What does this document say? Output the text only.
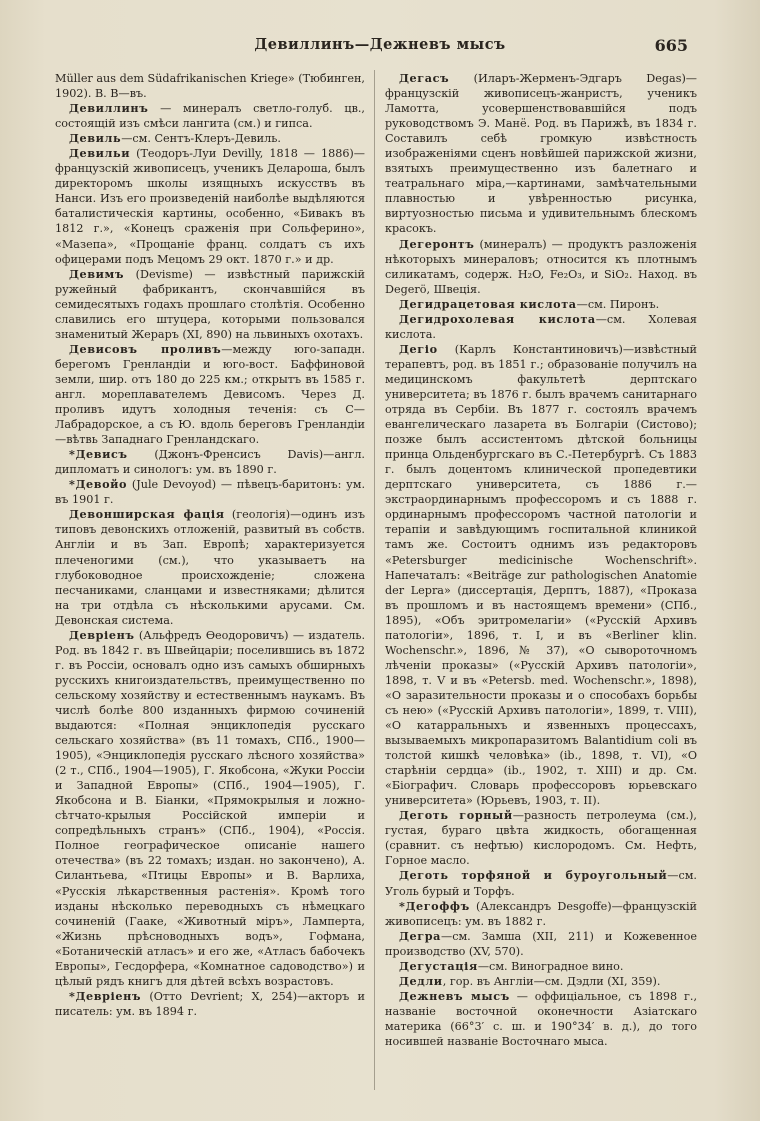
Девиллинъ—Дежневъ мысъ	665

Müller aus dem Südafrikanischen Kriege» (Тюбинген, 1902). В. В—въ.

Девиллинъ — минералъ светло-голуб. цв., состоящій изъ смѣси лангита (см.) и гипса.

Девиль—см. Сентъ-Клеръ-Девиль.

Девильи (Теодоръ-Луи Devilly, 1818 — 1886)—французскій живописецъ, ученикъ Делароша, былъ директоромъ школы изящныхъ искусствъ въ Нанси. Изъ его произведеній наиболѣе выдѣляются баталистическія картины, особенно, «Бивакъ въ 1812 г.», «Конецъ сраженія при Сольферино», «Мазепа», «Прощаніе франц. солдатъ съ ихъ офицерами подъ Мецомъ 29 окт. 1870 г.» и др.

Девимъ (Devisme) — извѣстный парижскій ружейный фабрикантъ, скончавшійся въ семидесятыхъ годахъ прошлаго столѣтія. Особенно славились его штуцера, которыми пользовался знаменитый Жераръ (XI, 890) на львиныхъ охотахъ.

Девисовъ проливъ—между юго-западн. берегомъ Гренландіи и юго-вост. Баффиновой земли, шир. отъ 180 до 225 км.; открытъ въ 1585 г. англ. мореплавателемъ Девисомъ. Через Д. проливъ идутъ холодныя теченія: съ С—Лабрадорское, а съ Ю. вдоль береговъ Гренландіи—вѣтвь Западнаго Гренландскаго.

*Девисъ (Джонъ-Френсисъ Davis)—англ. дипломатъ и синологъ: ум. въ 1890 г.

*Девойо (Jule Devoyod) — пѣвецъ-баритонъ: ум. въ 1901 г.

Девонширская фація (геологія)—одинъ изъ типовъ девонскихъ отложеній, развитый въ собств. Англіи и въ Зап. Европѣ; характеризуется плеченогими (см.), что указываетъ на глубоководное происхожденіе; сложена песчаниками, сланцами и известняками; дѣлится на три отдѣла съ нѣсколькими арусами. См. Девонская система.

Девріенъ (Альфредъ Ѳеодоровичъ) — издатель. Род. въ 1842 г. въ Швейцаріи; поселившись въ 1872 г. въ Россіи, основалъ одно изъ самыхъ обширныхъ русскихъ книгоиздательствъ, преимущественно по сельскому хозяйству и естественнымъ наукамъ. Въ числѣ болѣе 800 изданныхъ фирмою сочиненій выдаются: «Полная энциклопедія русскаго сельскаго хозяйства» (въ 11 томахъ, СПб., 1900—1905), «Энциклопедія русскаго лѣсного хозяйства» (2 т., СПб., 1904—1905), Г. Якобсона, «Жуки Россіи и Западной Европы» (СПб., 1904—1905), Г. Якобсона и В. Біанки, «Прямокрылыя и ложно-сѣтчато-крылыя Россійской имперіи и сопредѣльныхъ странъ» (СПб., 1904), «Россія. Полное географическое описаніе нашего отечества» (въ 22 томахъ; издан. но закончено), А. Силантьева, «Птицы Европы» и В. Варлиха, «Русскія лѣкарственныя растенія». Кромѣ того изданы нѣсколько переводныхъ съ нѣмецкаго сочиненій (Гааке, «Животный міръ», Ламперта, «Жизнь прѣсноводныхъ водъ», Гофмана, «Ботаническій атласъ» и его же, «Атласъ бабочекъ Европы», Гесдорфера, «Комнатное садоводство») и цѣлый рядъ книгъ для дѣтей всѣхъ возрастовъ.

*Девріенъ (Отто Devrient; X, 254)—акторъ и писатель: ум. въ 1894 г.

Дегасъ (Иларъ-Жерменъ-Эдгаръ Degas)—французскій живописецъ-жанристъ, ученикъ Ламотта, усовершенствовавшійся подъ руководствомъ Э. Манё. Род. въ Парижѣ, въ 1834 г. Составилъ себѣ громкую извѣстность изображеніями сценъ новѣйшей парижской жизни, взятыхъ преимущественно изъ балетнаго и театральнаго міра,—картинами, замѣчательными плавностью и увѣренностью рисунка, виртуозностью письма и удивительнымъ блескомъ красокъ.

Дегеронтъ (минералъ) — продуктъ разложенія нѣкоторыхъ минераловъ; относится къ плотнымъ силикатамъ, содерж. H₂O, Fe₂O₃, и SiO₂. Наход. въ Degerö, Швеція.

Дегидрацетовая кислота—см. Пиронъ.

Дегидрохолевая кислота—см. Холевая кислота.

Дегіо (Карлъ Константиновичъ)—извѣстный терапевтъ, род. въ 1851 г.; образованіе получилъ на медицинскомъ факультетѣ дерптскаго университета; въ 1876 г. былъ врачемъ санитарнаго отряда въ Сербіи. Въ 1877 г. состоялъ врачемъ евангелическаго лазарета въ Болгаріи (Систово); позже былъ ассистентомъ дѣтской больницы принца Ольденбургскаго въ С.-Петербургѣ. Съ 1883 г. былъ доцентомъ клинической пропедевтики дерптскаго университета, съ 1886 г.—экстраординарнымъ профессоромъ и съ 1888 г. ординарнымъ профессоромъ частной патологіи и терапіи и завѣдующимъ госпитальной клиникой тамъ же. Состоитъ однимъ изъ редакторовъ «Petersburger medicinische Wochenschrift». Напечаталъ: «Beiträge zur pathologischen Anatomie der Lepra» (диссертація, Дерптъ, 1887), «Проказа въ прошломъ и въ настоящемъ времени» (СПб., 1895), «Объ эритромелагіи» («Русскій Архивъ патологіи», 1896, т. I, и въ «Berliner klin. Wochenschr.», 1896, № 37), «О сывороточномъ лѣченіи проказы» («Русскій Архивъ патологіи», 1898, т. V и въ «Petersb. med. Wochenschr.», 1898), «О заразительности проказы и о способахъ борьбы съ нею» («Русскій Архивъ патологіи», 1899, т. VIII), «О катарральныхъ и язвенныхъ процессахъ, вызываемыхъ микропаразитомъ Balantidium coli въ толстой кишкѣ человѣка» (ib., 1898, т. VI), «О старѣніи сердца» (ib., 1902, т. XIII) и др. См. «Біографич. Словарь профессоровъ юрьевскаго университета» (Юрьевъ, 1903, т. II).

Деготь горный—разность петролеума (см.), густая, бураго цвѣта жидкость, обогащенная (сравнит. съ нефтью) кислородомъ. См. Нефть, Горное масло.

Деготь торфяной и буроугольный—см. Уголь бурый и Торфъ.

*Дегоффъ (Александръ Desgoffe)—французскій живописецъ: ум. въ 1882 г.

Дегра—см. Замша (XII, 211) и Кожевенное производство (XV, 570).

Дегустація—см. Виноградное вино.

Дедли, гор. въ Англіи—см. Дэдли (XI, 359).

Дежневъ мысъ — оффиціальное, съ 1898 г., названіе восточной оконечности Азіатскаго материка (66°3′ с. ш. и 190°34′ в. д.), до того носившей названіе Восточнаго мыса.
